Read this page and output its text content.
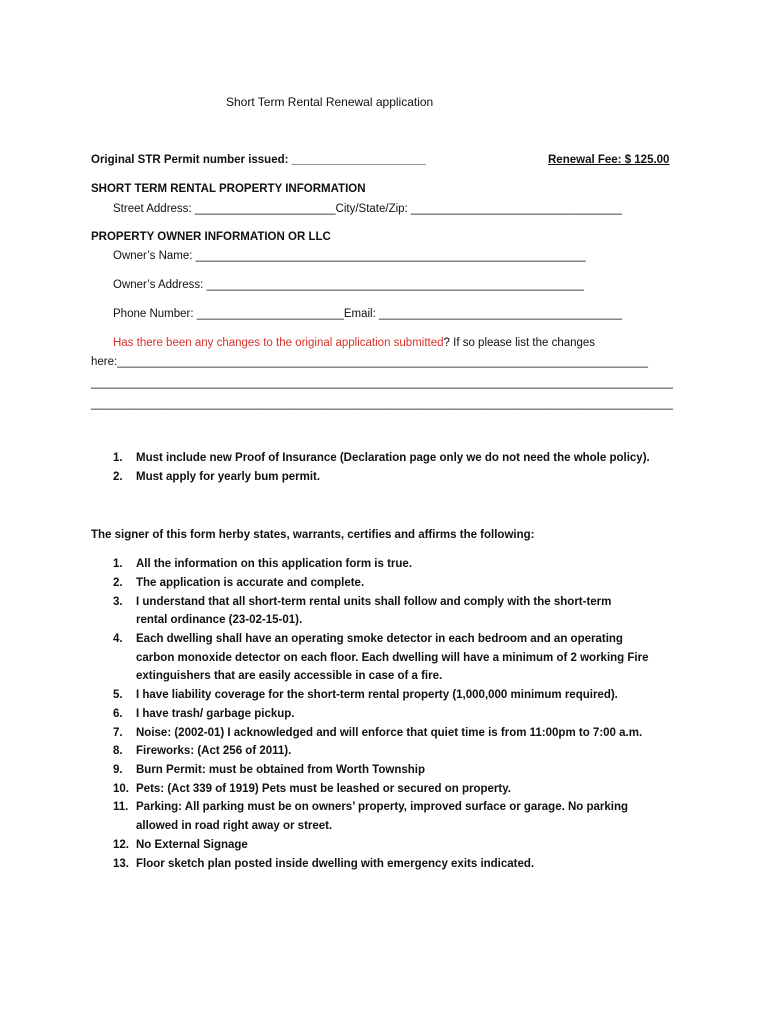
Short Term Rental Renewal application
Original STR Permit number issued: _____________________	Renewal Fee: $ 125.00
SHORT TERM RENTAL PROPERTY INFORMATION
Street Address: ______________________City/State/Zip: _________________________________
PROPERTY OWNER INFORMATION OR LLC
Owner’s Name: _____________________________________________________________
Owner’s Address: ___________________________________________________________
Phone Number: _______________________Email: ______________________________________
Has there been any changes to the original application submitted? If so please list the changes
here:___________________________________________________________________________________
___________________________________________________________________________________________
___________________________________________________________________________________________
1. Must include new Proof of Insurance (Declaration page only we do not need the whole policy).
2. Must apply for yearly bum permit.
The signer of this form herby states, warrants, certifies and affirms the following:
1. All the information on this application form is true.
2. The application is accurate and complete.
3. I understand that all short-term rental units shall follow and comply with the short-term
rental ordinance (23-02-15-01).
4. Each dwelling shall have an operating smoke detector in each bedroom and an operating
carbon monoxide detector on each floor. Each dwelling will have a minimum of 2 working Fire
extinguishers that are easily accessible in case of a fire.
5. I have liability coverage for the short-term rental property (1,000,000 minimum required).
6. I have trash/ garbage pickup.
7. Noise: (2002-01) I acknowledged and will enforce that quiet time is from 11:00pm to 7:00 a.m.
8. Fireworks: (Act 256 of 2011).
9. Burn Permit: must be obtained from Worth Township
10. Pets: (Act 339 of 1919) Pets must be leashed or secured on property.
11. Parking: All parking must be on owners’ property, improved surface or garage. No parking
allowed in road right away or street.
12. No External Signage
13. Floor sketch plan posted inside dwelling with emergency exits indicated.
